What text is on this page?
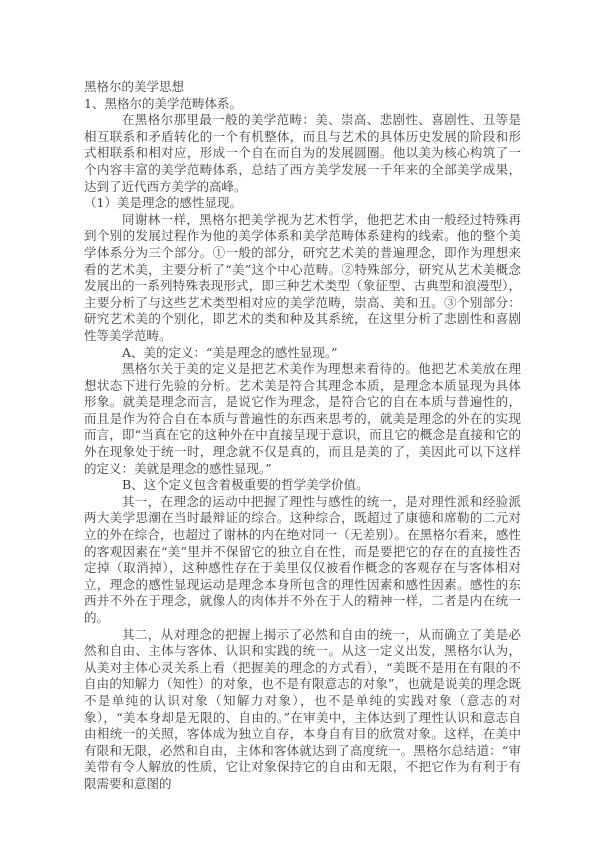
黑格尔的美学思想

1、黑格尔的美学范畴体系。

在黑格尔那里最一般的美学范畴：美、崇高、悲剧性、喜剧性、丑等是相互联系和矛盾转化的一个有机整体，而且与艺术的具体历史发展的阶段和形式相联系和相对应，形成一个自在而自为的发展圆圈。他以美为核心构筑了一个内容丰富的美学范畴体系，总结了西方美学发展一千年来的全部美学成果，达到了近代西方美学的高峰。

（1）美是理念的感性显现。

同谢林一样，黑格尔把美学视为艺术哲学，他把艺术由一般经过特殊再到个别的发展过程作为他的美学体系和美学范畴体系建构的线索。他的整个美学体系分为三个部分。①一般的部分，研究艺术美的普遍理念，即作为理想来看的艺术美，主要分析了“美”这个中心范畴。②特殊部分，研究从艺术美概念发展出的一系列特殊表现形式，即三种艺术类型（象征型、古典型和浪漫型），主要分析了与这些艺术类型相对应的美学范畴，崇高、美和丑。③个别部分：研究艺术美的个别化，即艺术的类和种及其系统，在这里分析了悲剧性和喜剧性等美学范畴。

A、美的定义：“美是理念的感性显现。”

黑格尔关于美的定义是把艺术美作为理想来看待的。他把艺术美放在理想状态下进行先验的分析。艺术美是符合其理念本质，是理念本质显现为具体形象。就美是理念而言，是说它作为理念，是符合它的自在本质与普遍性的，而且是作为符合自在本质与普遍性的东西来思考的，就美是理念的外在的实现而言，即“当真在它的这种外在中直接呈现于意识，而且它的概念是直接和它的外在现象处于统一时，理念就不仅是真的，而且是美的了，美因此可以下这样的定义：美就是理念的感性显现。”

B、这个定义包含着极重要的哲学美学价值。

其一，在理念的运动中把握了理性与感性的统一，是对理性派和经验派两大美学思潮在当时最辩证的综合。这种综合，既超过了康德和席勒的二元对立的外在综合，也超过了谢林的内在绝对同一（无差别）。在黑格尔看来，感性的客观因素在“美”里并不保留它的独立自在性，而是要把它的存在的直接性否定掉（取消掉），这种感性存在于美里仅仅被看作概念的客观存在与客体相对立，理念的感性显现运动是理念本身所包含的理性因素和感性因素。感性的东西并不外在于理念，就像人的肉体并不外在于人的精神一样，二者是内在统一的。

其二，从对理念的把握上揭示了必然和自由的统一，从而确立了美是必然和自由、主体与客体、认识和实践的统一。从这一定义出发，黑格尔认为，从美对主体心灵关系上看（把握美的理念的方式看），“美既不是用在有限的不自由的知解力（知性）的对象，也不是有限意志的对象”，也就是说美的理念既不是单纯的认识对象（知解力对象），也不是单纯的实践对象（意志的对象），“美本身却是无限的、自由的。”在审美中，主体达到了理性认识和意志自由相统一的关照，客体成为独立自存，本身自有目的欣赏对象。这样，在美中有限和无限，必然和自由，主体和客体就达到了高度统一。黑格尔总结道：“审美带有令人解放的性质，它让对象保持它的自由和无限，不把它作为有利于有限需要和意图的
